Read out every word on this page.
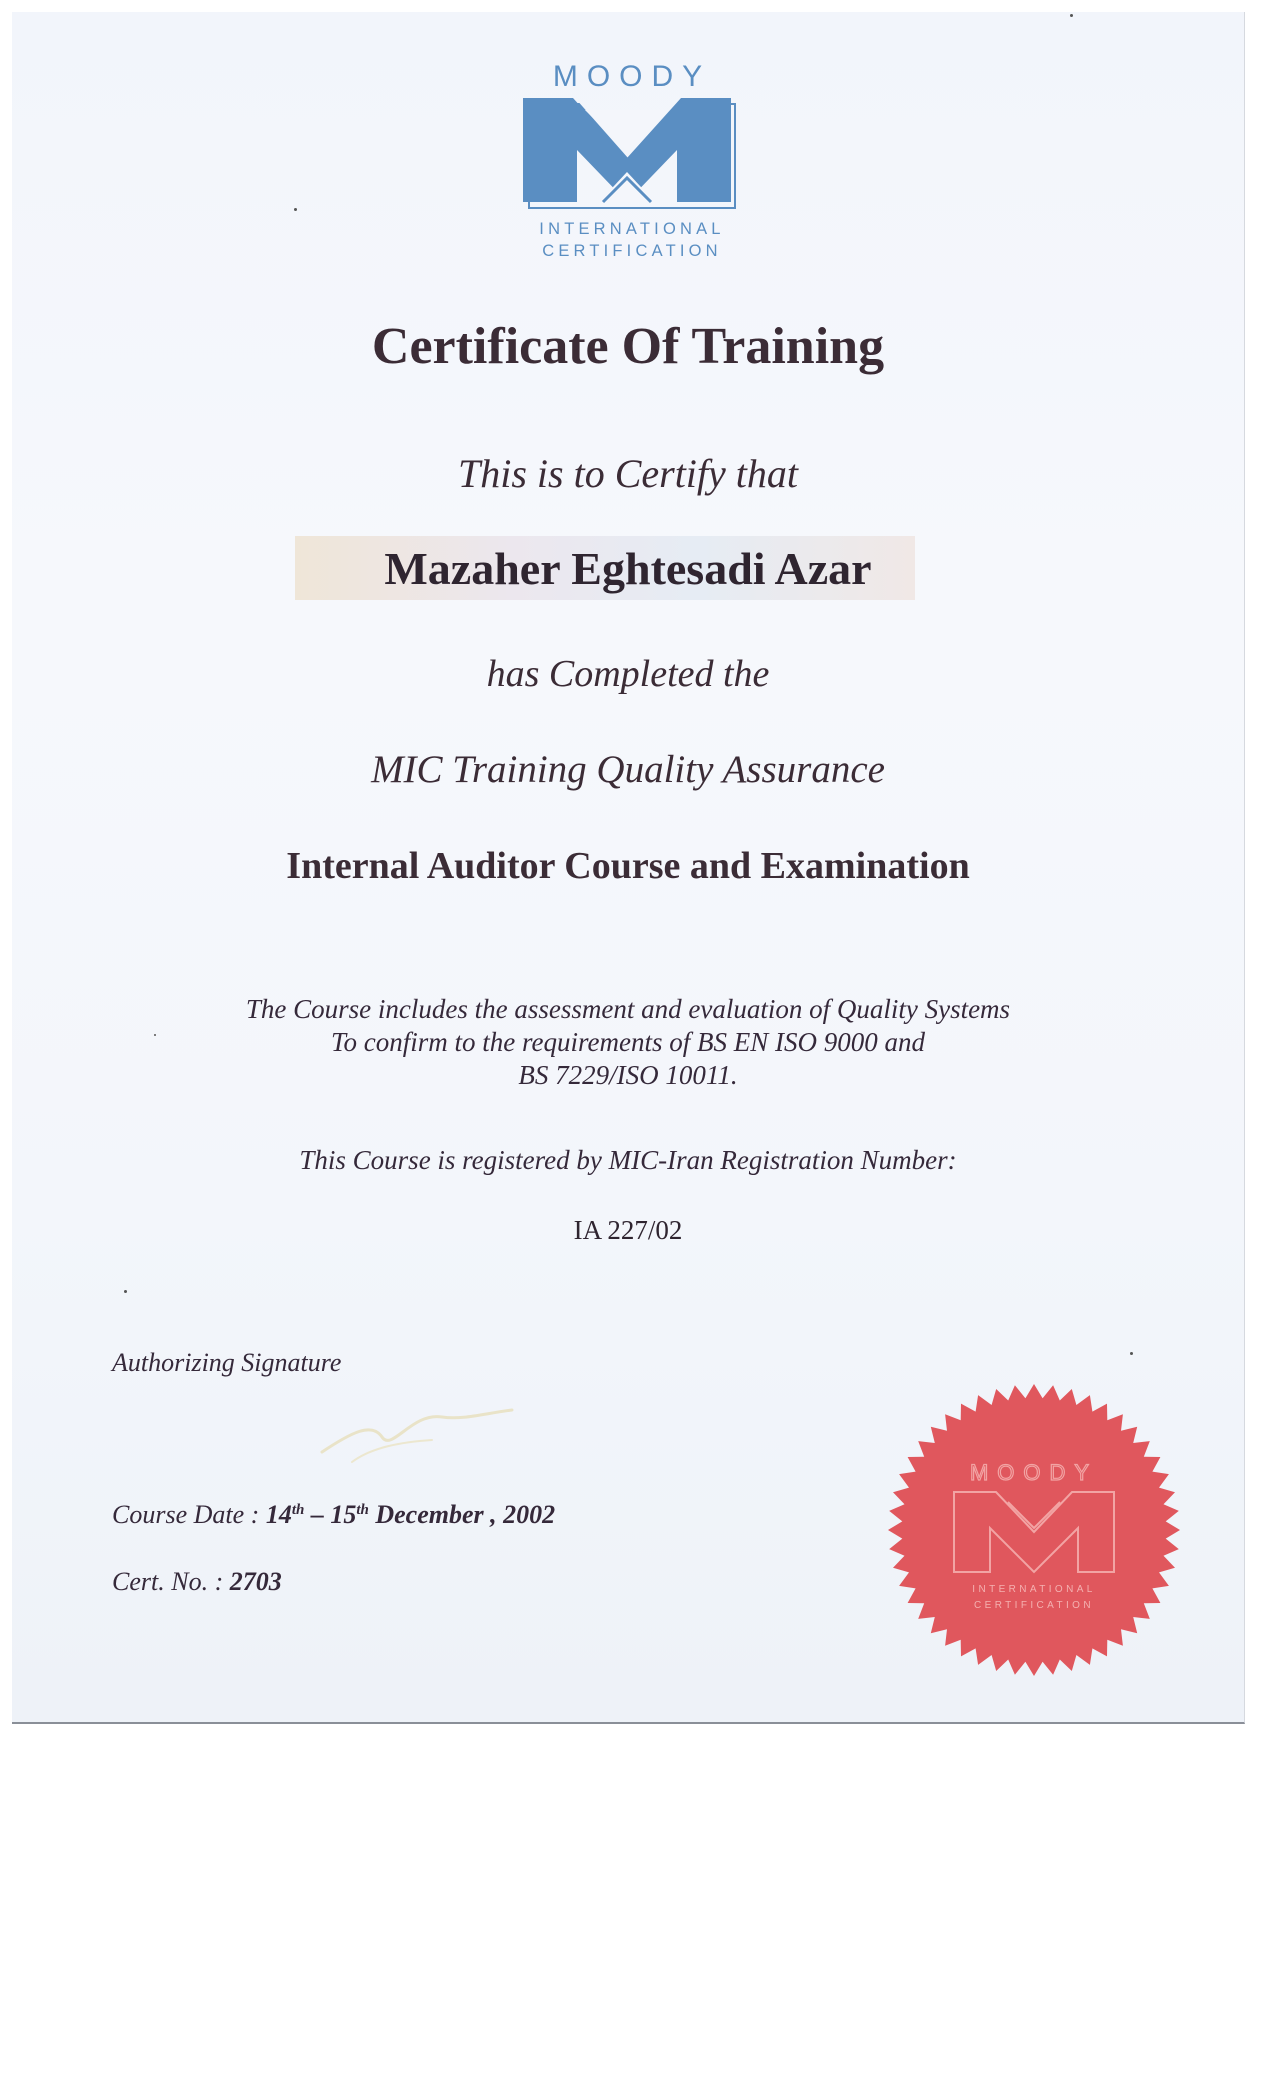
MOODY
INTERNATIONAL
CERTIFICATION
Certificate Of Training
This is to Certify that
Mazaher Eghtesadi Azar
has Completed the
MIC Training Quality Assurance
Internal Auditor Course and Examination
The Course includes the assessment and evaluation of Quality Systems
To confirm to the requirements of BS EN ISO 9000 and
BS 7229/ISO 10011.
This Course is registered by MIC-Iran Registration Number:
IA 227/02
Authorizing Signature
Course Date : 14th – 15th December , 2002
Cert. No. : 2703
MOODY
INTERNATIONAL
CERTIFICATION
